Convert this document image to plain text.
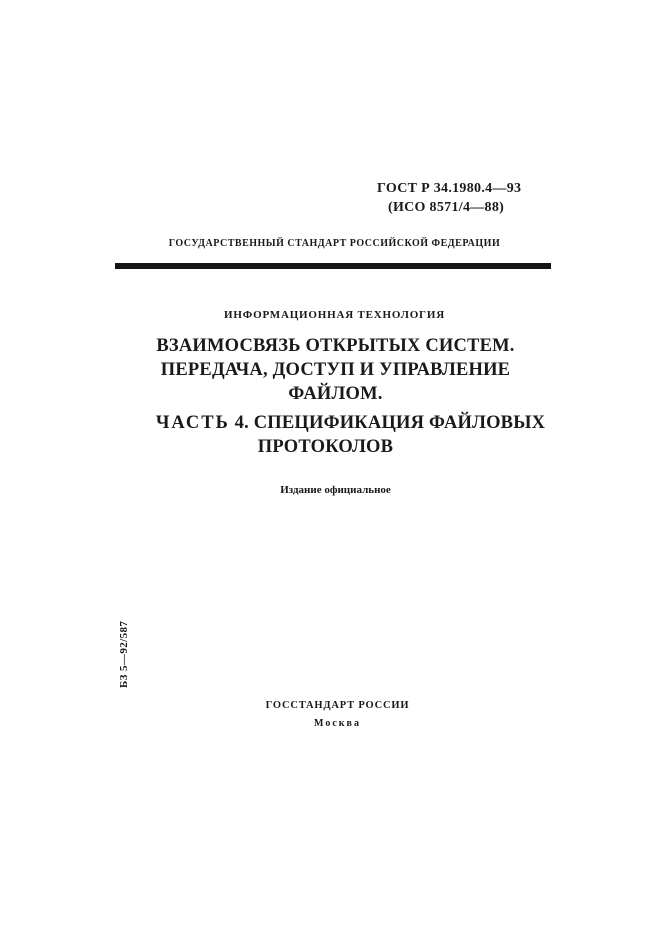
ГОСТ Р 34.1980.4—93
(ИСО 8571/4—88)
ГОСУДАРСТВЕННЫЙ СТАНДАРТ РОССИЙСКОЙ ФЕДЕРАЦИИ
ИНФОРМАЦИОННАЯ ТЕХНОЛОГИЯ
ВЗАИМОСВЯЗЬ ОТКРЫТЫХ СИСТЕМ.
ПЕРЕДАЧА, ДОСТУП И УПРАВЛЕНИЕ
ФАЙЛОМ.
ЧАСТЬ 4. СПЕЦИФИКАЦИЯ ФАЙЛОВЫХ
ПРОТОКОЛОВ
Издание официальное
БЗ 5—92/587
ГОССТАНДАРТ РОССИИ
Москва
